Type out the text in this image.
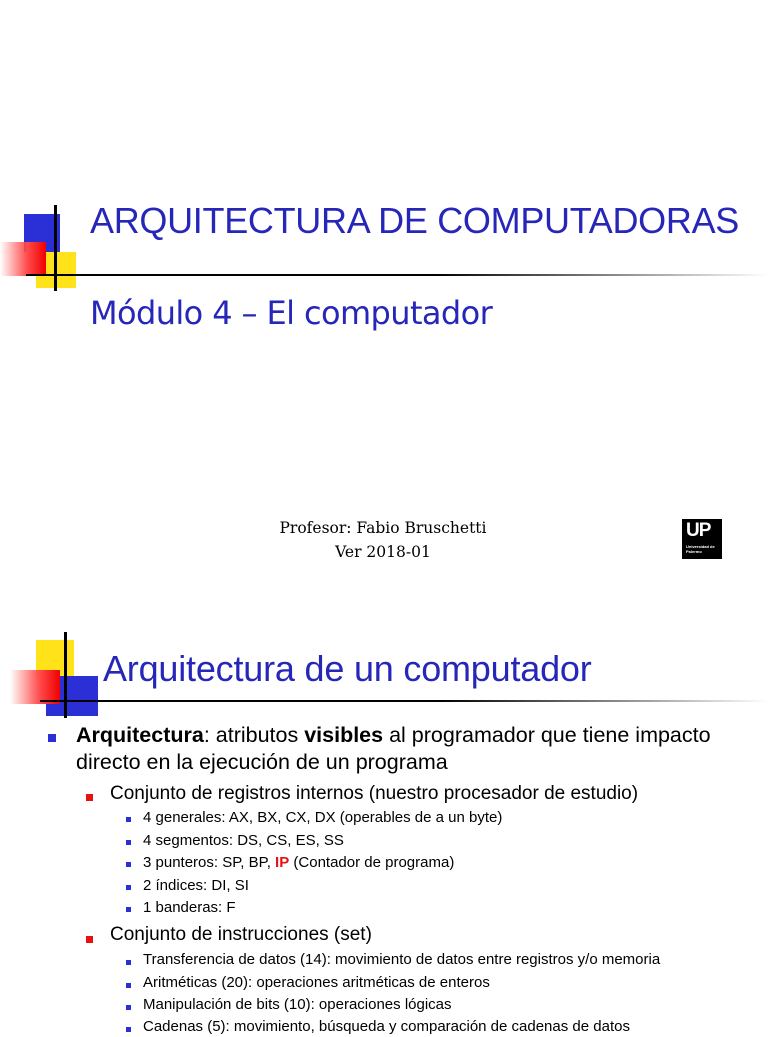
ARQUITECTURA DE COMPUTADORAS
Módulo 4 – El computador
Profesor: Fabio Bruschetti
Ver 2018-01
UP
Universidad de Palermo
Arquitectura de un computador
Arquitectura: atributos visibles al programador que tiene impacto directo en la ejecución de un programa
Conjunto de registros internos (nuestro procesador de estudio)
4 generales: AX, BX, CX, DX (operables de a un byte)
4 segmentos: DS, CS, ES, SS
3 punteros: SP, BP, IP (Contador de programa)
2 índices: DI, SI
1 banderas: F
Conjunto de instrucciones (set)
Transferencia de datos (14): movimiento de datos entre registros y/o memoria
Aritméticas (20): operaciones aritméticas de enteros
Manipulación de bits (10): operaciones lógicas
Cadenas (5): movimiento, búsqueda y comparación de cadenas de datos
